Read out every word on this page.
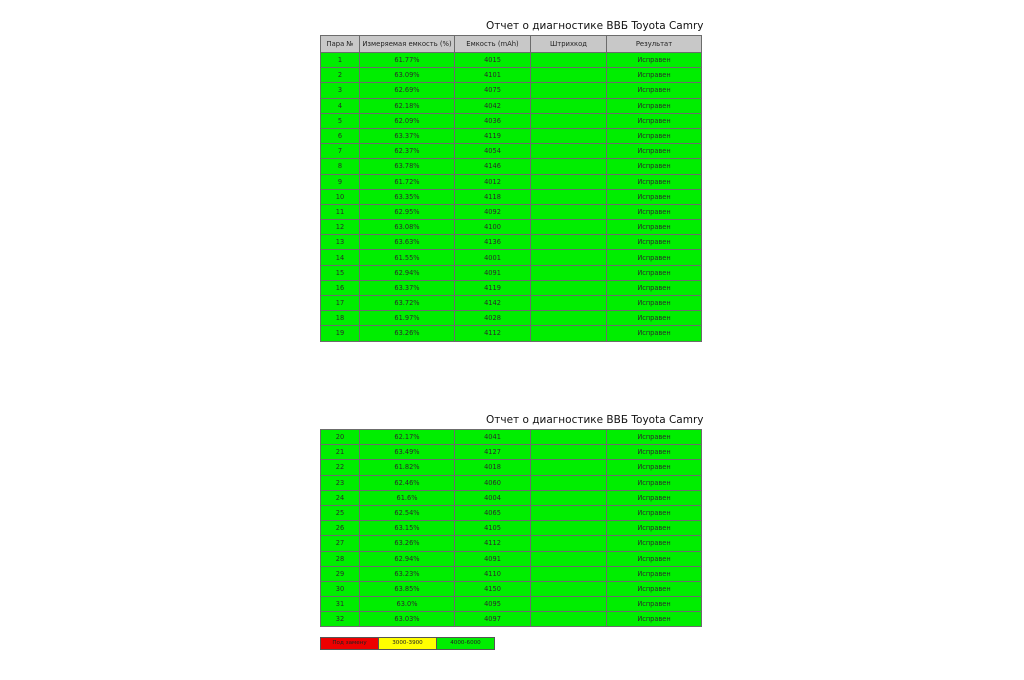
Отчет о диагностике ВВБ Toyota Camry
Пара №	Измеряемая емкость (%)	Емкость (mAh)	Штрихкод	Результат
1	61.77%	4015		Исправен
2	63.09%	4101		Исправен
3	62.69%	4075		Исправен
4	62.18%	4042		Исправен
5	62.09%	4036		Исправен
6	63.37%	4119		Исправен
7	62.37%	4054		Исправен
8	63.78%	4146		Исправен
9	61.72%	4012		Исправен
10	63.35%	4118		Исправен
11	62.95%	4092		Исправен
12	63.08%	4100		Исправен
13	63.63%	4136		Исправен
14	61.55%	4001		Исправен
15	62.94%	4091		Исправен
16	63.37%	4119		Исправен
17	63.72%	4142		Исправен
18	61.97%	4028		Исправен
19	63.26%	4112		Исправен
Отчет о диагностике ВВБ Toyota Camry
20	62.17%	4041		Исправен
21	63.49%	4127		Исправен
22	61.82%	4018		Исправен
23	62.46%	4060		Исправен
24	61.6%	4004		Исправен
25	62.54%	4065		Исправен
26	63.15%	4105		Исправен
27	63.26%	4112		Исправен
28	62.94%	4091		Исправен
29	63.23%	4110		Исправен
30	63.85%	4150		Исправен
31	63.0%	4095		Исправен
32	63.03%	4097		Исправен
Под замену	3000-3900	4000-6000
